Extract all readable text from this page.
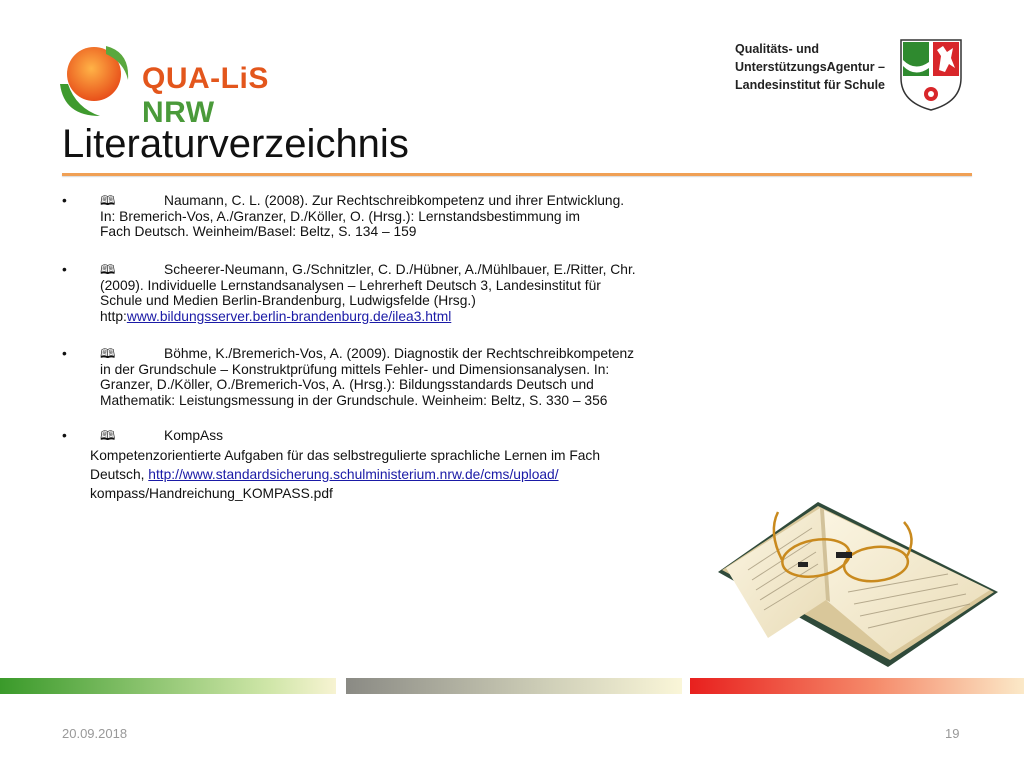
QUA-LiS NRW
Qualitäts- und
UnterstützungsAgentur –
Landesinstitut für Schule
Literaturverzeichnis
•	🕮	Naumann, C. L. (2008). Zur Rechtschreibkompetenz und ihrer Entwicklung.
In: Bremerich-Vos, A./Granzer, D./Köller, O. (Hrsg.): Lernstandsbestimmung im
Fach Deutsch. Weinheim/Basel: Beltz, S. 134 – 159
•	🕮	Scheerer-Neumann, G./Schnitzler, C. D./Hübner, A./Mühlbauer, E./Ritter, Chr.
(2009). Individuelle Lernstandsanalysen – Lehrerheft Deutsch 3, Landesinstitut für
Schule und Medien Berlin-Brandenburg, Ludwigsfelde (Hrsg.)
http:www.bildungsserver.berlin-brandenburg.de/ilea3.html
•	🕮	Böhme, K./Bremerich-Vos, A. (2009). Diagnostik der Rechtschreibkompetenz
in der Grundschule – Konstruktprüfung mittels Fehler- und Dimensionsanalysen. In:
Granzer, D./Köller, O./Bremerich-Vos, A. (Hrsg.): Bildungsstandards Deutsch und
Mathematik: Leistungsmessung in der Grundschule. Weinheim: Beltz, S. 330 – 356
•	🕮	KompAss
Kompetenzorientierte Aufgaben für das selbstregulierte sprachliche Lernen im Fach
Deutsch, http://www.standardsicherung.schulministerium.nrw.de/cms/upload/
kompass/Handreichung_KOMPASS.pdf
20.09.2018	19
